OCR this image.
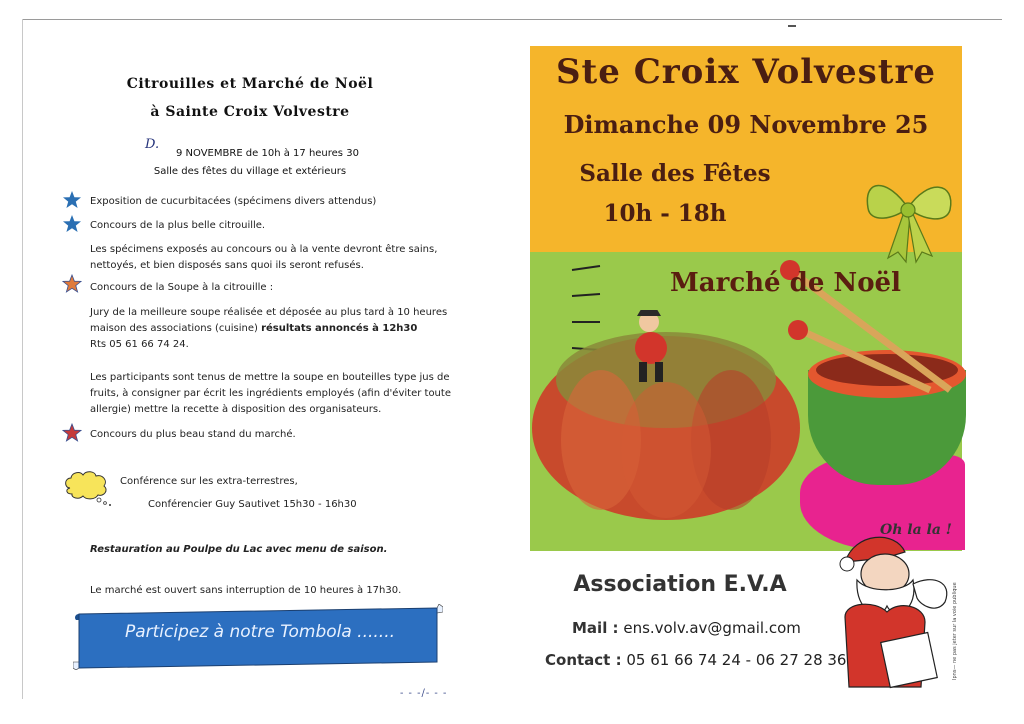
Citrouilles et Marché de Noël
à Sainte Croix Volvestre
D.
9 NOVEMBRE de 10h à 17 heures 30
Salle des fêtes du village et extérieurs
Exposition de cucurbitacées (spécimens divers attendus)
Concours de la plus belle citrouille.
Les spécimens exposés au concours ou à la vente devront être sains,
nettoyés, et bien disposés sans quoi ils seront refusés.
Concours de la Soupe à la citrouille :
Jury de la meilleure soupe réalisée et déposée au plus tard à 10 heures
maison des associations (cuisine) résultats annoncés à 12h30
Rts 05 61 66 74 24.
Les participants sont tenus de mettre la soupe en bouteilles type jus de
fruits, à consigner par écrit les ingrédients employés (afin d'éviter toute
allergie) mettre la recette à disposition des organisateurs.
Concours du plus beau stand du marché.
Conférence sur les extra-terrestres,
Conférencier Guy Sautivet 15h30 - 16h30
Restauration au Poulpe du Lac avec menu de saison.
Le marché est ouvert sans interruption de 10 heures à 17h30.
Participez à notre Tombola .......
- - -/- - -
Ste Croix Volvestre
Dimanche 09 Novembre 25
Salle des Fêtes
10h - 18h
Marché de Noël
Association E.V.A
Mail : ens.volv.av@gmail.com
Contact : 05 61 66 74 24 - 06 27 28 36
Oh la la !
Ipns— ne pas jeter sur la voie publique
